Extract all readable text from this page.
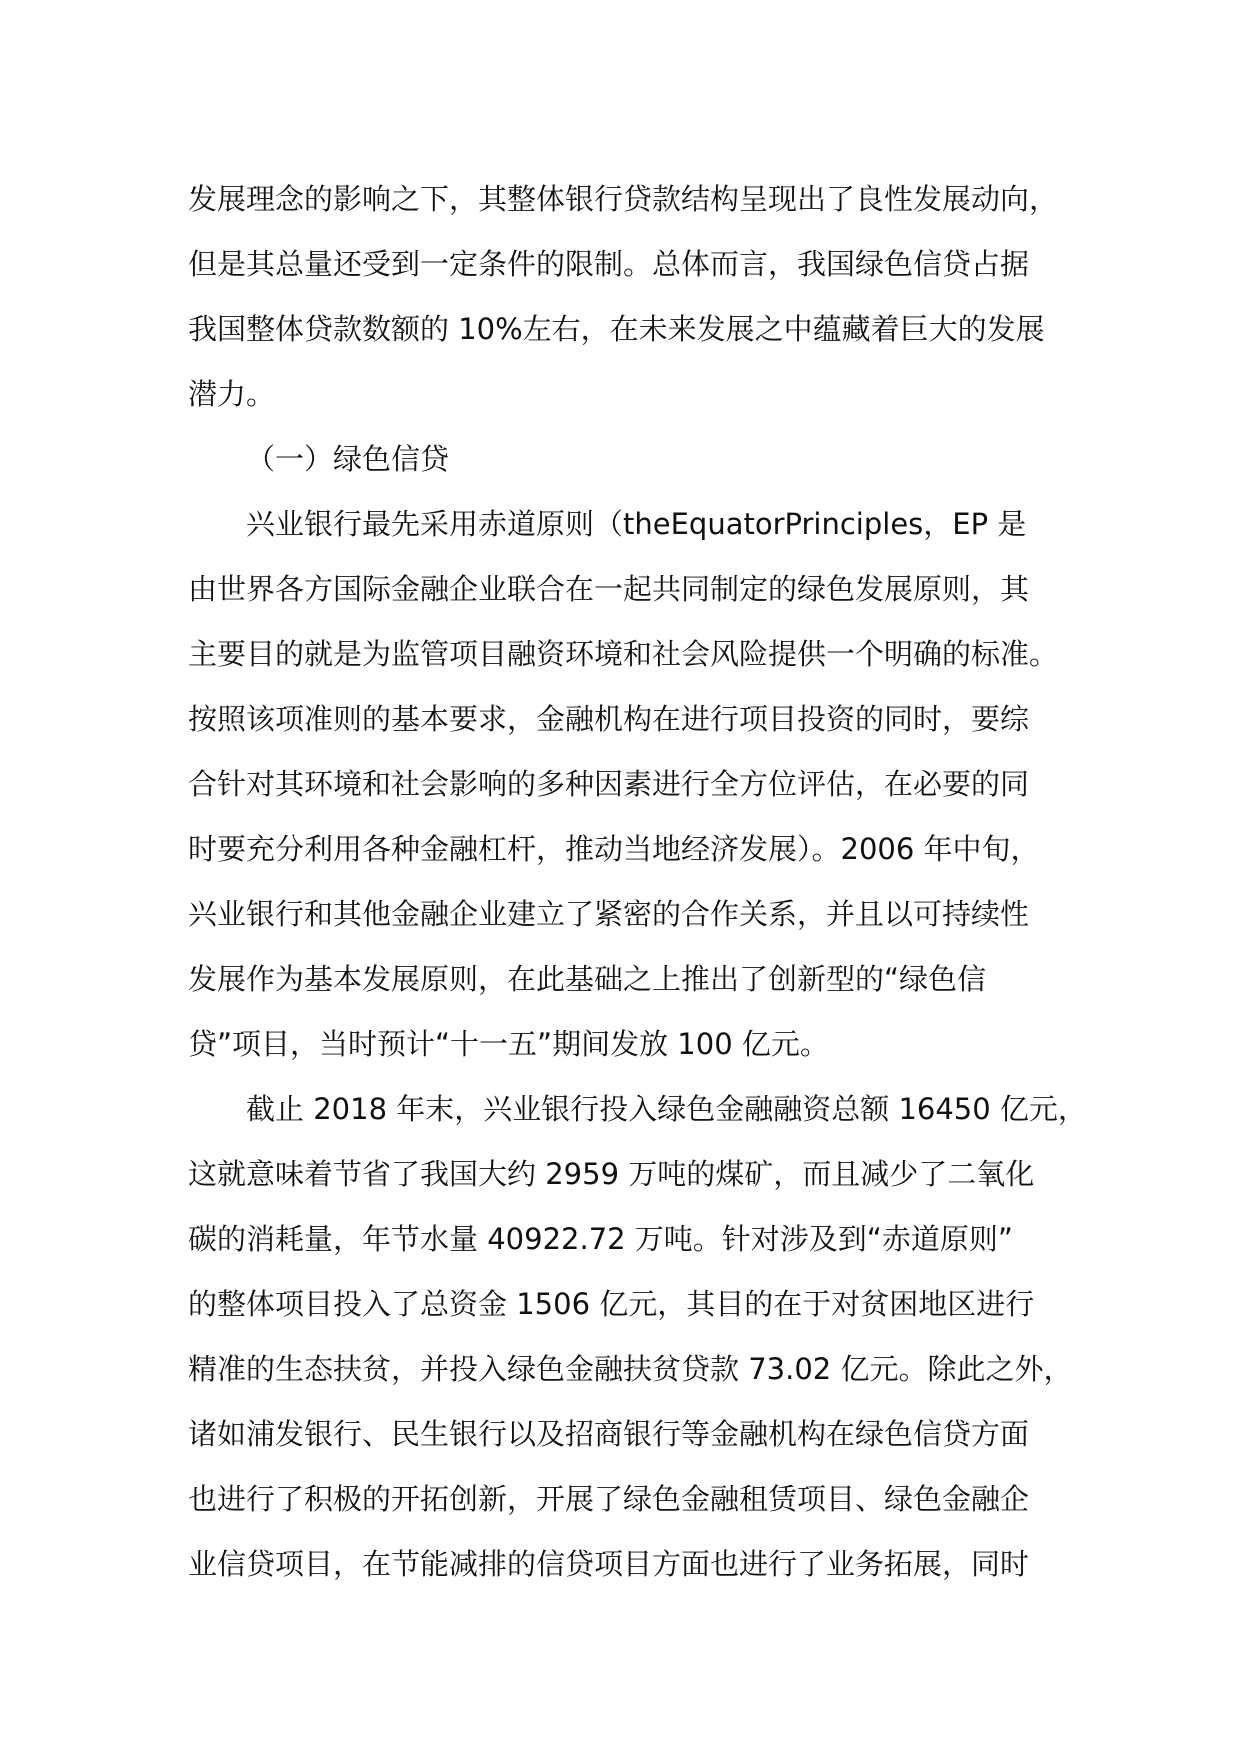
发展理念的影响之下，其整体银行贷款结构呈现出了良性发展动向，
但是其总量还受到一定条件的限制。总体而言，我国绿色信贷占据
我国整体贷款数额的 10%左右，在未来发展之中蕴藏着巨大的发展
潜力。
（一）绿色信贷
兴业银行最先采用赤道原则（theEquatorPrinciples，EP 是
由世界各方国际金融企业联合在一起共同制定的绿色发展原则，其
主要目的就是为监管项目融资环境和社会风险提供一个明确的标准。
按照该项准则的基本要求，金融机构在进行项目投资的同时，要综
合针对其环境和社会影响的多种因素进行全方位评估，在必要的同
时要充分利用各种金融杠杆，推动当地经济发展）。2006 年中旬，
兴业银行和其他金融企业建立了紧密的合作关系，并且以可持续性
发展作为基本发展原则，在此基础之上推出了创新型的“绿色信
贷”项目，当时预计“十一五”期间发放 100 亿元。
截止 2018 年末，兴业银行投入绿色金融融资总额 16450 亿元，
这就意味着节省了我国大约 2959 万吨的煤矿，而且减少了二氧化
碳的消耗量，年节水量 40922.72 万吨。针对涉及到“赤道原则”
的整体项目投入了总资金 1506 亿元，其目的在于对贫困地区进行
精准的生态扶贫，并投入绿色金融扶贫贷款 73.02 亿元。除此之外，
诸如浦发银行、民生银行以及招商银行等金融机构在绿色信贷方面
也进行了积极的开拓创新，开展了绿色金融租赁项目、绿色金融企
业信贷项目，在节能减排的信贷项目方面也进行了业务拓展，同时
